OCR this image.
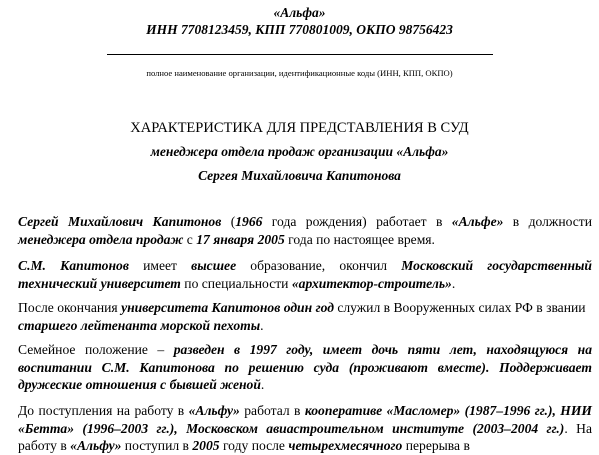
«Альфа»
ИНН 7708123459, КПП 770801009, ОКПО 98756423
полное наименование организации, идентификационные коды (ИНН, КПП, ОКПО)
ХАРАКТЕРИСТИКА ДЛЯ ПРЕДСТАВЛЕНИЯ В СУД
менеджера отдела продаж организации «Альфа»
Сергея Михайловича Капитонова

Сергей Михайлович Капитонов (1966 года рождения) работает в «Альфе» в должности менеджера отдела продаж с 17 января 2005 года по настоящее время.

С.М. Капитонов имеет высшее образование, окончил Московский государственный технический университет по специальности «архитектор-строитель».

После окончания университета Капитонов один год служил в Вооруженных силах РФ в звании старшего лейтенанта морской пехоты.

Семейное положение – разведен в 1997 году, имеет дочь пяти лет, находящуюся на воспитании С.М. Капитонова по решению суда (проживают вместе). Поддерживает дружеские отношения с бывшей женой.

До поступления на работу в «Альфу» работал в кооперативе «Масломер» (1987–1996 гг.), НИИ «Бетта» (1996–2003 гг.), Московском авиастроительном институте (2003–2004 гг.). На работу в «Альфу» поступил в 2005 году после четырехмесячного перерыва в
